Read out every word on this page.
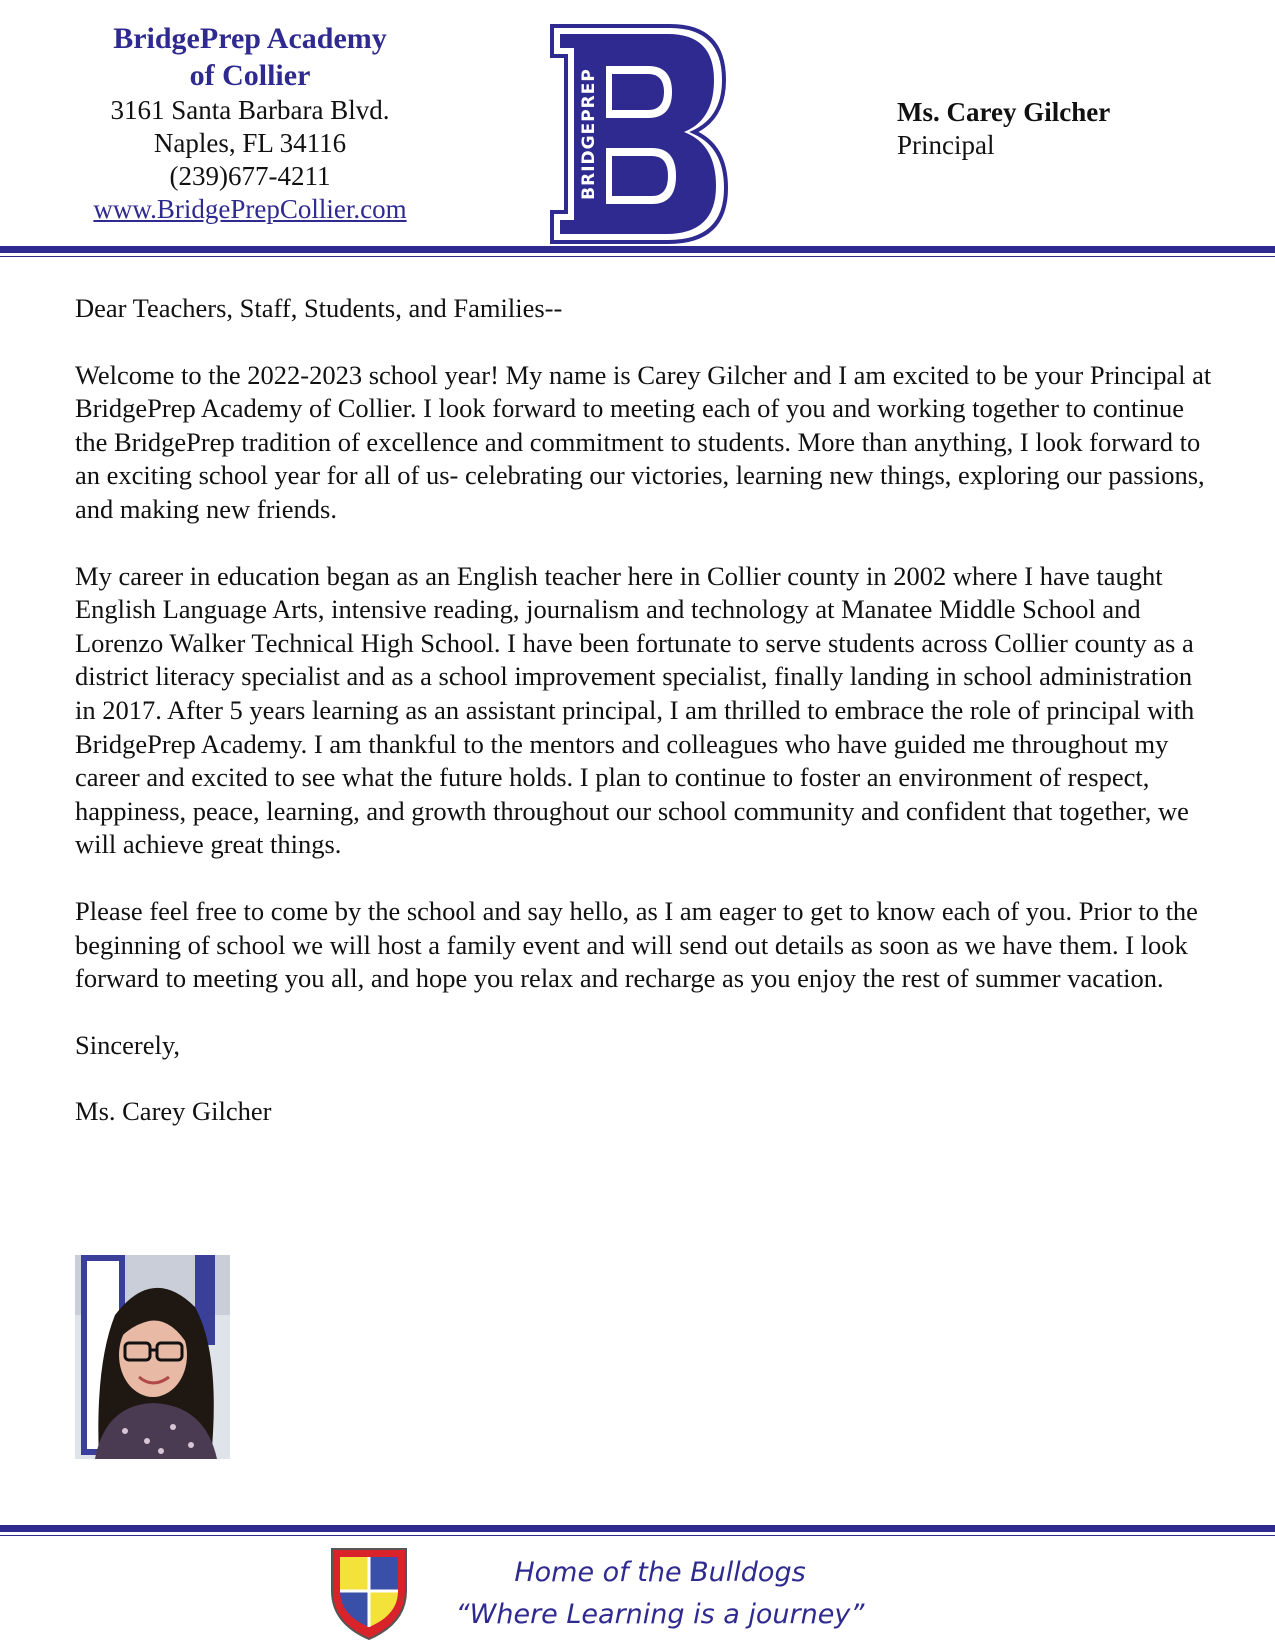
BridgePrep Academy
of Collier
3161 Santa Barbara Blvd.
Naples, FL 34116
(239)677-4211
www.BridgePrepCollier.com
BRIDGEPREP	Ms. Carey Gilcher
Principal

Dear Teachers, Staff, Students, and Families--

Welcome to the 2022-2023 school year! My name is Carey Gilcher and I am excited to be your Principal at BridgePrep Academy of Collier. I look forward to meeting each of you and working together to continue the BridgePrep tradition of excellence and commitment to students. More than anything, I look forward to an exciting school year for all of us- celebrating our victories, learning new things, exploring our passions, and making new friends.

My career in education began as an English teacher here in Collier county in 2002 where I have taught English Language Arts, intensive reading, journalism and technology at Manatee Middle School and Lorenzo Walker Technical High School. I have been fortunate to serve students across Collier county as a district literacy specialist and as a school improvement specialist, finally landing in school administration in 2017. After 5 years learning as an assistant principal, I am thrilled to embrace the role of principal with BridgePrep Academy. I am thankful to the mentors and colleagues who have guided me throughout my career and excited to see what the future holds. I plan to continue to foster an environment of respect, happiness, peace, learning, and growth throughout our school community and confident that together, we will achieve great things.

Please feel free to come by the school and say hello, as I am eager to get to know each of you. Prior to the beginning of school we will host a family event and will send out details as soon as we have them. I look forward to meeting you all, and hope you relax and recharge as you enjoy the rest of summer vacation.

Sincerely,

Ms. Carey Gilcher

Home of the Bulldogs
“Where Learning is a journey”
